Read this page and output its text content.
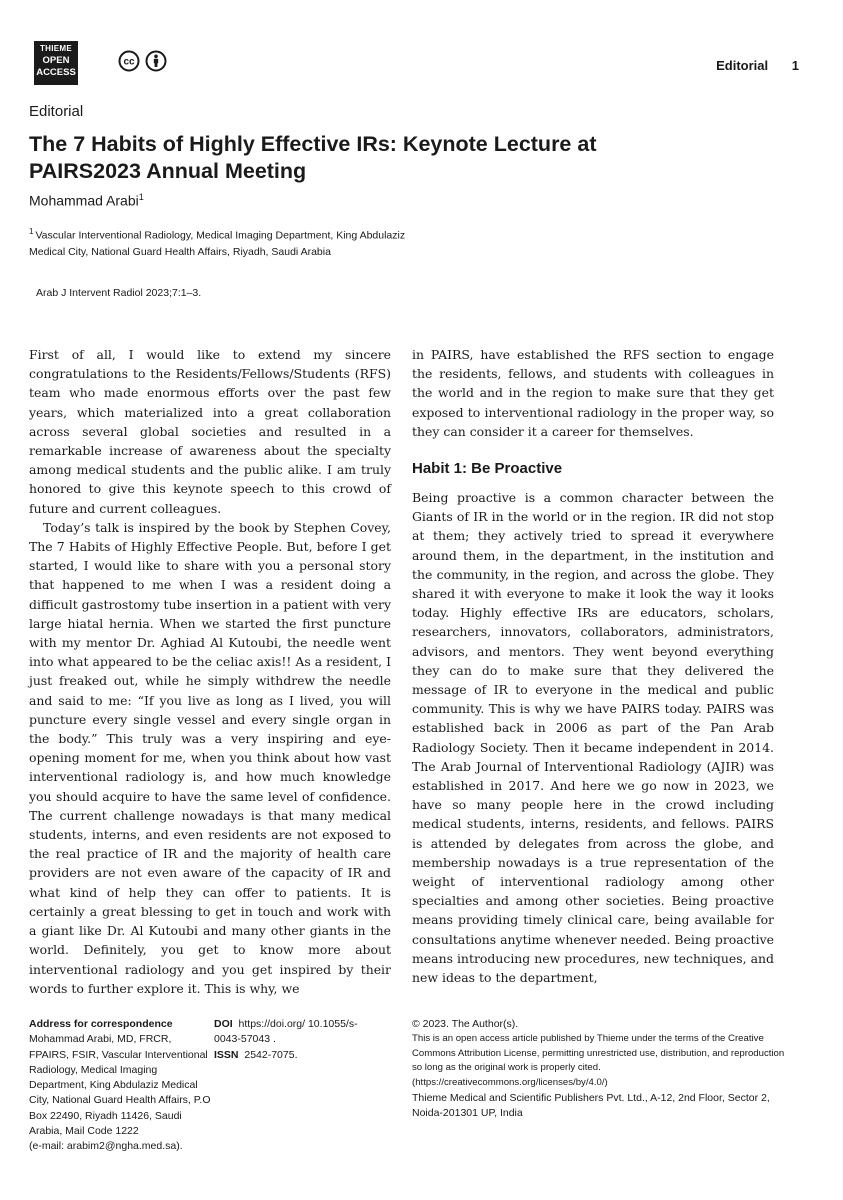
THIEME
OPEN
ACCESS
cc	Editorial 1
Editorial
The 7 Habits of Highly Effective IRs: Keynote Lecture at PAIRS2023 Annual Meeting
Mohammad Arabi$^1$
$^1$ Vascular Interventional Radiology, Medical Imaging Department, King Abdulaziz Medical City, National Guard Health Affairs, Riyadh, Saudi Arabia
Arab J Intervent Radiol 2023;7:1–3.

First of all, I would like to extend my sincere congratulations to the Residents/Fellows/Students (RFS) team who made enormous efforts over the past few years, which materialized into a great collaboration across several global societies and resulted in a remarkable increase of awareness about the specialty among medical students and the public alike. I am truly honored to give this keynote speech to this crowd of future and current colleagues.

Today’s talk is inspired by the book by Stephen Covey, The 7 Habits of Highly Effective People. But, before I get started, I would like to share with you a personal story that happened to me when I was a resident doing a difficult gastrostomy tube insertion in a patient with very large hiatal hernia. When we started the first puncture with my mentor Dr. Aghiad Al Kutoubi, the needle went into what appeared to be the celiac axis!! As a resident, I just freaked out, while he simply withdrew the needle and said to me: “If you live as long as I lived, you will puncture every single vessel and every single organ in the body.” This truly was a very inspiring and eye-opening moment for me, when you think about how vast interventional radiology is, and how much knowledge you should acquire to have the same level of confidence. The current challenge nowadays is that many medical students, interns, and even residents are not exposed to the real practice of IR and the majority of health care providers are not even aware of the capacity of IR and what kind of help they can offer to patients. It is certainly a great blessing to get in touch and work with a giant like Dr. Al Kutoubi and many other giants in the world. Definitely, you get to know more about interventional radiology and you get inspired by their words to further explore it. This is why, we

in PAIRS, have established the RFS section to engage the residents, fellows, and students with colleagues in the world and in the region to make sure that they get exposed to interventional radiology in the proper way, so they can consider it a career for themselves.

Habit 1: Be Proactive

Being proactive is a common character between the Giants of IR in the world or in the region. IR did not stop at them; they actively tried to spread it everywhere around them, in the department, in the institution and the community, in the region, and across the globe. They shared it with everyone to make it look the way it looks today. Highly effective IRs are educators, scholars, researchers, innovators, collaborators, administrators, advisors, and mentors. They went beyond everything they can do to make sure that they delivered the message of IR to everyone in the medical and public community. This is why we have PAIRS today. PAIRS was established back in 2006 as part of the Pan Arab Radiology Society. Then it became independent in 2014. The Arab Journal of Interventional Radiology (AJIR) was established in 2017. And here we go now in 2023, we have so many people here in the crowd including medical students, interns, residents, and fellows. PAIRS is attended by delegates from across the globe, and membership nowadays is a true representation of the weight of interventional radiology among other specialties and among other societies. Being proactive means providing timely clinical care, being available for consultations anytime whenever needed. Being proactive means introducing new procedures, new techniques, and new ideas to the department,

Address for correspondence
Mohammad Arabi, MD, FRCR, FPAIRS, FSIR, Vascular Interventional Radiology, Medical Imaging Department, King Abdulaziz Medical City, National Guard Health Affairs, P.O Box 22490, Riyadh 11426, Saudi Arabia, Mail Code 1222
(e-mail: arabim2@ngha.med.sa).
DOI https://doi.org/ 10.1055/s-0043-57043 .
ISSN 2542-7075.
© 2023. The Author(s).
This is an open access article published by Thieme under the terms of the Creative Commons Attribution License, permitting unrestricted use, distribution, and reproduction so long as the original work is properly cited. (https://creativecommons.org/licenses/by/4.0/)
Thieme Medical and Scientific Publishers Pvt. Ltd., A-12, 2nd Floor, Sector 2, Noida-201301 UP, India
